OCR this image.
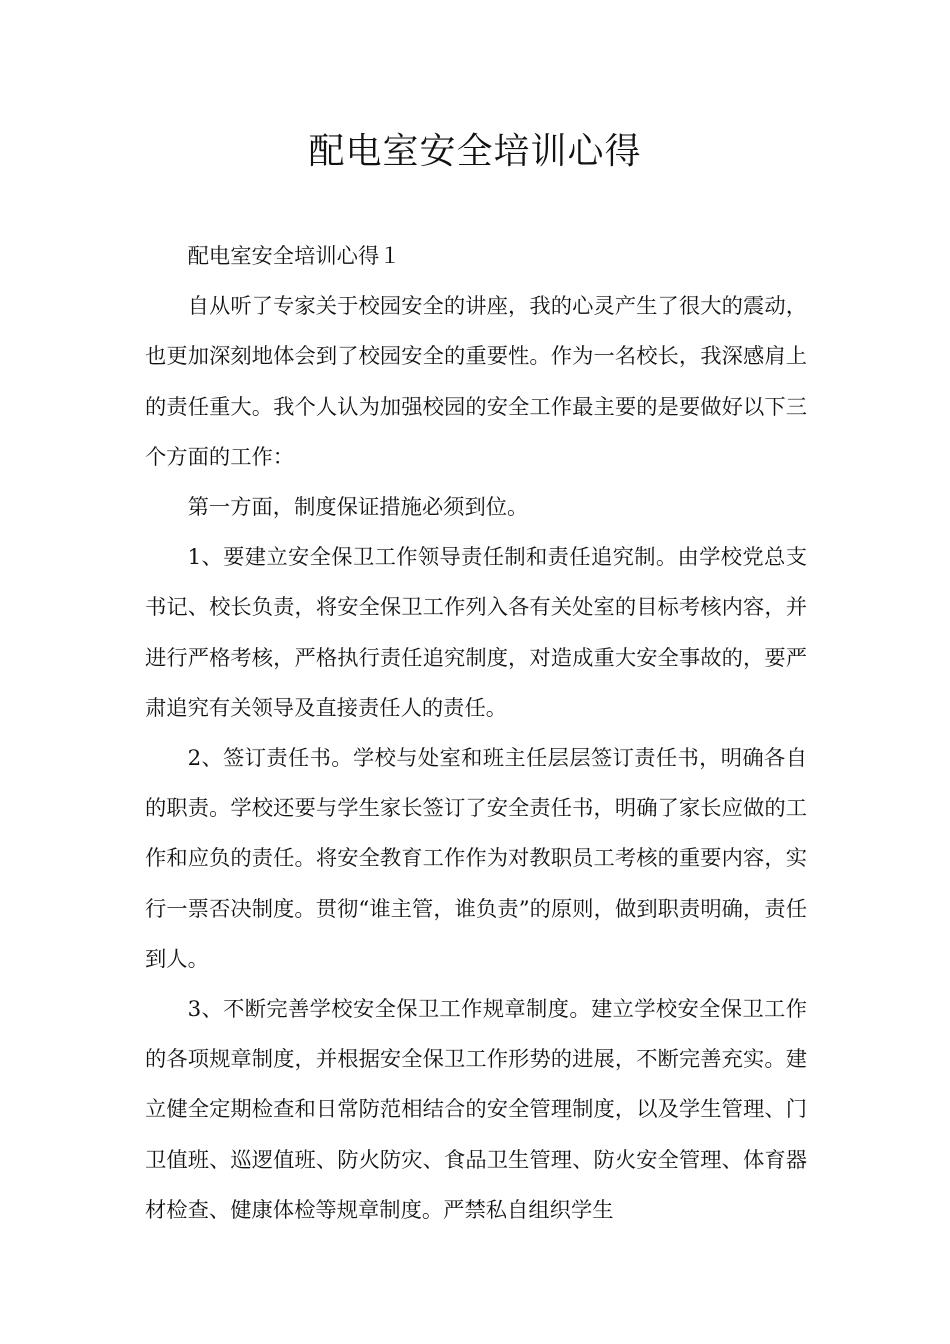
配电室安全培训心得

配电室安全培训心得１

自从听了专家关于校园安全的讲座，我的心灵产生了很大的震动，也更加深刻地体会到了校园安全的重要性。作为一名校长，我深感肩上的责任重大。我个人认为加强校园的安全工作最主要的是要做好以下三个方面的工作：

第一方面，制度保证措施必须到位。

1、要建立安全保卫工作领导责任制和责任追究制。由学校党总支书记、校长负责，将安全保卫工作列入各有关处室的目标考核内容，并进行严格考核，严格执行责任追究制度，对造成重大安全事故的，要严肃追究有关领导及直接责任人的责任。

2、签订责任书。学校与处室和班主任层层签订责任书，明确各自的职责。学校还要与学生家长签订了安全责任书，明确了家长应做的工作和应负的责任。将安全教育工作作为对教职员工考核的重要内容，实行一票否决制度。贯彻“谁主管，谁负责”的原则，做到职责明确，责任到人。

3、不断完善学校安全保卫工作规章制度。建立学校安全保卫工作的各项规章制度，并根据安全保卫工作形势的进展，不断完善充实。建立健全定期检查和日常防范相结合的安全管理制度，以及学生管理、门卫值班、巡逻值班、防火防灾、食品卫生管理、防火安全管理、体育器材检查、健康体检等规章制度。严禁私自组织学生
